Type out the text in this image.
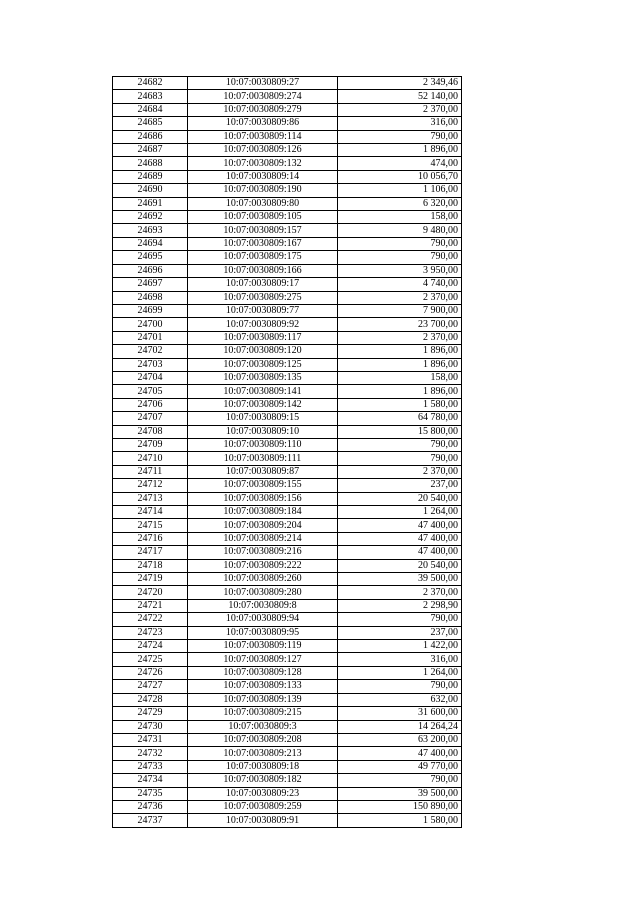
24682	10:07:0030809:27	2 349,46
24683	10:07:0030809:274	52 140,00
24684	10:07:0030809:279	2 370,00
24685	10:07:0030809:86	316,00
24686	10:07:0030809:114	790,00
24687	10:07:0030809:126	1 896,00
24688	10:07:0030809:132	474,00
24689	10:07:0030809:14	10 056,70
24690	10:07:0030809:190	1 106,00
24691	10:07:0030809:80	6 320,00
24692	10:07:0030809:105	158,00
24693	10:07:0030809:157	9 480,00
24694	10:07:0030809:167	790,00
24695	10:07:0030809:175	790,00
24696	10:07:0030809:166	3 950,00
24697	10:07:0030809:17	4 740,00
24698	10:07:0030809:275	2 370,00
24699	10:07:0030809:77	7 900,00
24700	10:07:0030809:92	23 700,00
24701	10:07:0030809:117	2 370,00
24702	10:07:0030809:120	1 896,00
24703	10:07:0030809:125	1 896,00
24704	10:07:0030809:135	158,00
24705	10:07:0030809:141	1 896,00
24706	10:07:0030809:142	1 580,00
24707	10:07:0030809:15	64 780,00
24708	10:07:0030809:10	15 800,00
24709	10:07:0030809:110	790,00
24710	10:07:0030809:111	790,00
24711	10:07:0030809:87	2 370,00
24712	10:07:0030809:155	237,00
24713	10:07:0030809:156	20 540,00
24714	10:07:0030809:184	1 264,00
24715	10:07:0030809:204	47 400,00
24716	10:07:0030809:214	47 400,00
24717	10:07:0030809:216	47 400,00
24718	10:07:0030809:222	20 540,00
24719	10:07:0030809:260	39 500,00
24720	10:07:0030809:280	2 370,00
24721	10:07:0030809:8	2 298,90
24722	10:07:0030809:94	790,00
24723	10:07:0030809:95	237,00
24724	10:07:0030809:119	1 422,00
24725	10:07:0030809:127	316,00
24726	10:07:0030809:128	1 264,00
24727	10:07:0030809:133	790,00
24728	10:07:0030809:139	632,00
24729	10:07:0030809:215	31 600,00
24730	10:07:0030809:3	14 264,24
24731	10:07:0030809:208	63 200,00
24732	10:07:0030809:213	47 400,00
24733	10:07:0030809:18	49 770,00
24734	10:07:0030809:182	790,00
24735	10:07:0030809:23	39 500,00
24736	10:07:0030809:259	150 890,00
24737	10:07:0030809:91	1 580,00
